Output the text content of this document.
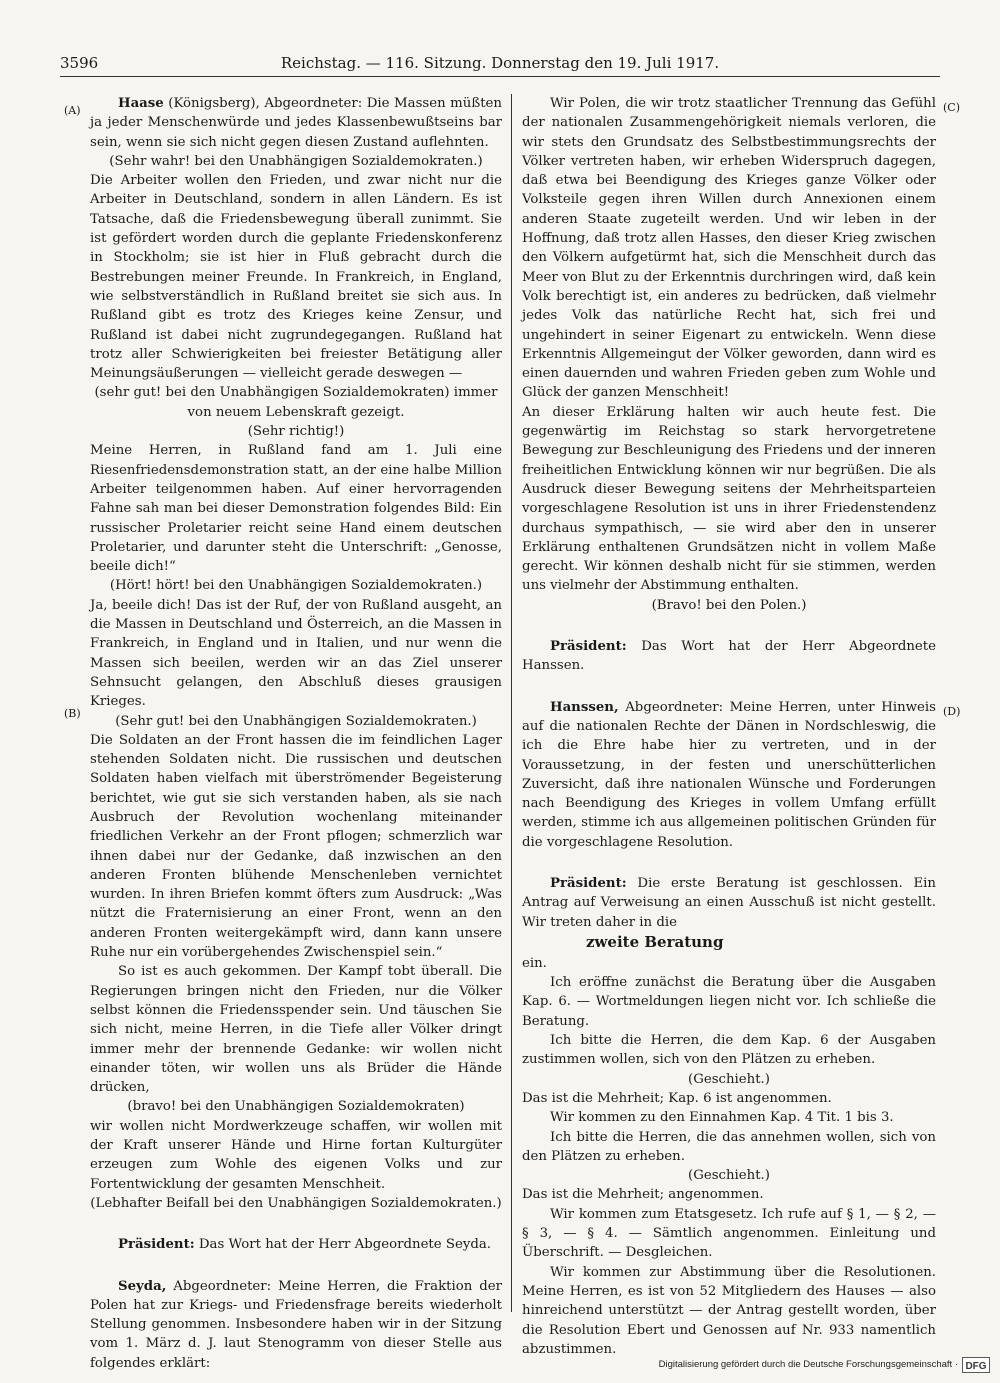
3596	Reichstag. — 116. Sitzung. Donnerstag den 19. Juli 1917.
(A)
(B)
(C)
(D)

Haase (Königsberg), Abgeordneter: Die Massen müßten ja jeder Menschenwürde und jedes Klassenbewußtseins bar sein, wenn sie sich nicht gegen diesen Zustand auflehnten.

(Sehr wahr! bei den Unabhängigen Sozialdemokraten.)

Die Arbeiter wollen den Frieden, und zwar nicht nur die Arbeiter in Deutschland, sondern in allen Ländern. Es ist Tatsache, daß die Friedensbewegung überall zunimmt. Sie ist gefördert worden durch die geplante Friedenskonferenz in Stockholm; sie ist hier in Fluß gebracht durch die Bestrebungen meiner Freunde. In Frankreich, in England, wie selbstverständlich in Rußland breitet sie sich aus. In Rußland gibt es trotz des Krieges keine Zensur, und Rußland ist dabei nicht zugrundegegangen. Rußland hat trotz aller Schwierigkeiten bei freiester Betätigung aller Meinungsäußerungen — vielleicht gerade deswegen —

(sehr gut! bei den Unabhängigen Sozialdemokraten) immer von neuem Lebenskraft gezeigt.

(Sehr richtig!)

Meine Herren, in Rußland fand am 1. Juli eine Riesenfriedensdemonstration statt, an der eine halbe Million Arbeiter teilgenommen haben. Auf einer hervorragenden Fahne sah man bei dieser Demonstration folgendes Bild: Ein russischer Proletarier reicht seine Hand einem deutschen Proletarier, und darunter steht die Unterschrift: „Genosse, beeile dich!“

(Hört! hört! bei den Unabhängigen Sozialdemokraten.)

Ja, beeile dich! Das ist der Ruf, der von Rußland ausgeht, an die Massen in Deutschland und Österreich, an die Massen in Frankreich, in England und in Italien, und nur wenn die Massen sich beeilen, werden wir an das Ziel unserer Sehnsucht gelangen, den Abschluß dieses grausigen Krieges.

(Sehr gut! bei den Unabhängigen Sozialdemokraten.)

Die Soldaten an der Front hassen die im feindlichen Lager stehenden Soldaten nicht. Die russischen und deutschen Soldaten haben vielfach mit überströmender Begeisterung berichtet, wie gut sie sich verstanden haben, als sie nach Ausbruch der Revolution wochenlang miteinander friedlichen Verkehr an der Front pflogen; schmerzlich war ihnen dabei nur der Gedanke, daß inzwischen an den anderen Fronten blühende Menschenleben vernichtet wurden. In ihren Briefen kommt öfters zum Ausdruck: „Was nützt die Fraternisierung an einer Front, wenn an den anderen Fronten weitergekämpft wird, dann kann unsere Ruhe nur ein vorübergehendes Zwischenspiel sein.“

So ist es auch gekommen. Der Kampf tobt überall. Die Regierungen bringen nicht den Frieden, nur die Völker selbst können die Friedensspender sein. Und täuschen Sie sich nicht, meine Herren, in die Tiefe aller Völker dringt immer mehr der brennende Gedanke: wir wollen nicht einander töten, wir wollen uns als Brüder die Hände drücken,

(bravo! bei den Unabhängigen Sozialdemokraten)

wir wollen nicht Mordwerkzeuge schaffen, wir wollen mit der Kraft unserer Hände und Hirne fortan Kulturgüter erzeugen zum Wohle des eigenen Volks und zur Fortentwicklung der gesamten Menschheit.

(Lebhafter Beifall bei den Unabhängigen Sozialdemokraten.)

Präsident: Das Wort hat der Herr Abgeordnete Seyda.

Seyda, Abgeordneter: Meine Herren, die Fraktion der Polen hat zur Kriegs- und Friedensfrage bereits wiederholt Stellung genommen. Insbesondere haben wir in der Sitzung vom 1. März d. J. laut Stenogramm von dieser Stelle aus folgendes erklärt:

Wir Polen, die wir trotz staatlicher Trennung das Gefühl der nationalen Zusammengehörigkeit niemals verloren, die wir stets den Grundsatz des Selbstbestimmungsrechts der Völker vertreten haben, wir erheben Widerspruch dagegen, daß etwa bei Beendigung des Krieges ganze Völker oder Volksteile gegen ihren Willen durch Annexionen einem anderen Staate zugeteilt werden. Und wir leben in der Hoffnung, daß trotz allen Hasses, den dieser Krieg zwischen den Völkern aufgetürmt hat, sich die Menschheit durch das Meer von Blut zu der Erkenntnis durchringen wird, daß kein Volk berechtigt ist, ein anderes zu bedrücken, daß vielmehr jedes Volk das natürliche Recht hat, sich frei und ungehindert in seiner Eigenart zu entwickeln. Wenn diese Erkenntnis Allgemeingut der Völker geworden, dann wird es einen dauernden und wahren Frieden geben zum Wohle und Glück der ganzen Menschheit!

An dieser Erklärung halten wir auch heute fest. Die gegenwärtig im Reichstag so stark hervorgetretene Bewegung zur Beschleunigung des Friedens und der inneren freiheitlichen Entwicklung können wir nur begrüßen. Die als Ausdruck dieser Bewegung seitens der Mehrheitsparteien vorgeschlagene Resolution ist uns in ihrer Friedenstendenz durchaus sympathisch, — sie wird aber den in unserer Erklärung enthaltenen Grundsätzen nicht in vollem Maße gerecht. Wir können deshalb nicht für sie stimmen, werden uns vielmehr der Abstimmung enthalten.

(Bravo! bei den Polen.)

Präsident: Das Wort hat der Herr Abgeordnete Hanssen.

Hanssen, Abgeordneter: Meine Herren, unter Hinweis auf die nationalen Rechte der Dänen in Nordschleswig, die ich die Ehre habe hier zu vertreten, und in der Voraussetzung, in der festen und unerschütterlichen Zuversicht, daß ihre nationalen Wünsche und Forderungen nach Beendigung des Krieges in vollem Umfang erfüllt werden, stimme ich aus allgemeinen politischen Gründen für die vorgeschlagene Resolution.

Präsident: Die erste Beratung ist geschlossen. Ein Antrag auf Verweisung an einen Ausschuß ist nicht gestellt. Wir treten daher in die

zweite Beratung

ein.

Ich eröffne zunächst die Beratung über die Ausgaben Kap. 6. — Wortmeldungen liegen nicht vor. Ich schließe die Beratung.

Ich bitte die Herren, die dem Kap. 6 der Ausgaben zustimmen wollen, sich von den Plätzen zu erheben.

(Geschieht.)

Das ist die Mehrheit; Kap. 6 ist angenommen.

Wir kommen zu den Einnahmen Kap. 4 Tit. 1 bis 3.

Ich bitte die Herren, die das annehmen wollen, sich von den Plätzen zu erheben.

(Geschieht.)

Das ist die Mehrheit; angenommen.

Wir kommen zum Etatsgesetz. Ich rufe auf § 1, — § 2, — § 3, — § 4. — Sämtlich angenommen. Einleitung und Überschrift. — Desgleichen.

Wir kommen zur Abstimmung über die Resolutionen. Meine Herren, es ist von 52 Mitgliedern des Hauses — also hinreichend unterstützt — der Antrag gestellt worden, über die Resolution Ebert und Genossen auf Nr. 933 namentlich abzustimmen.

Digitalisierung gefördert durch die Deutsche Forschungsgemeinschaft · DFG
